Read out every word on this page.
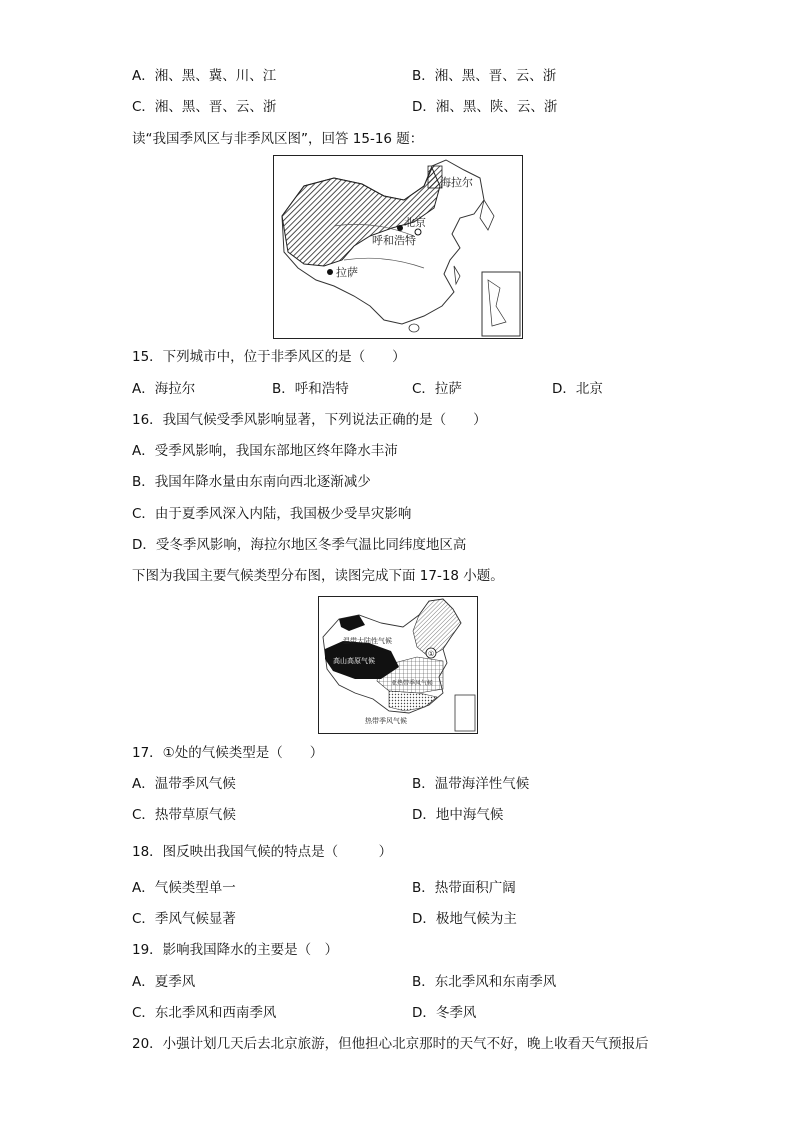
A．湘、黑、冀、川、江	B．湘、黑、晋、云、浙
C．湘、黑、晋、云、浙	D．湘、黑、陕、云、浙
读“我国季风区与非季风区图”，回答 15-16 题：
海拉尔
北京
呼和浩特
拉萨
15．下列城市中，位于非季风区的是（　　）
A．海拉尔	B．呼和浩特	C．拉萨	D．北京
16．我国气候受季风影响显著，下列说法正确的是（　　）
A．受季风影响，我国东部地区终年降水丰沛
B．我国年降水量由东南向西北逐渐减少
C．由于夏季风深入内陆，我国极少受旱灾影响
D．受冬季风影响，海拉尔地区冬季气温比同纬度地区高
下图为我国主要气候类型分布图，读图完成下面 17-18 小题。
①
温带大陆性气候
高山高原气候
亚热带季风气候
热带季风气候
17．①处的气候类型是（　　）
A．温带季风气候	B．温带海洋性气候
C．热带草原气候	D．地中海气候
18．图反映出我国气候的特点是（　　　）
A．气候类型单一	B．热带面积广阔
C．季风气候显著	D．极地气候为主
19．影响我国降水的主要是（　）
A．夏季风	B．东北季风和东南季风
C．东北季风和西南季风	D．冬季风
20．小强计划几天后去北京旅游，但他担心北京那时的天气不好，晚上收看天气预报后
